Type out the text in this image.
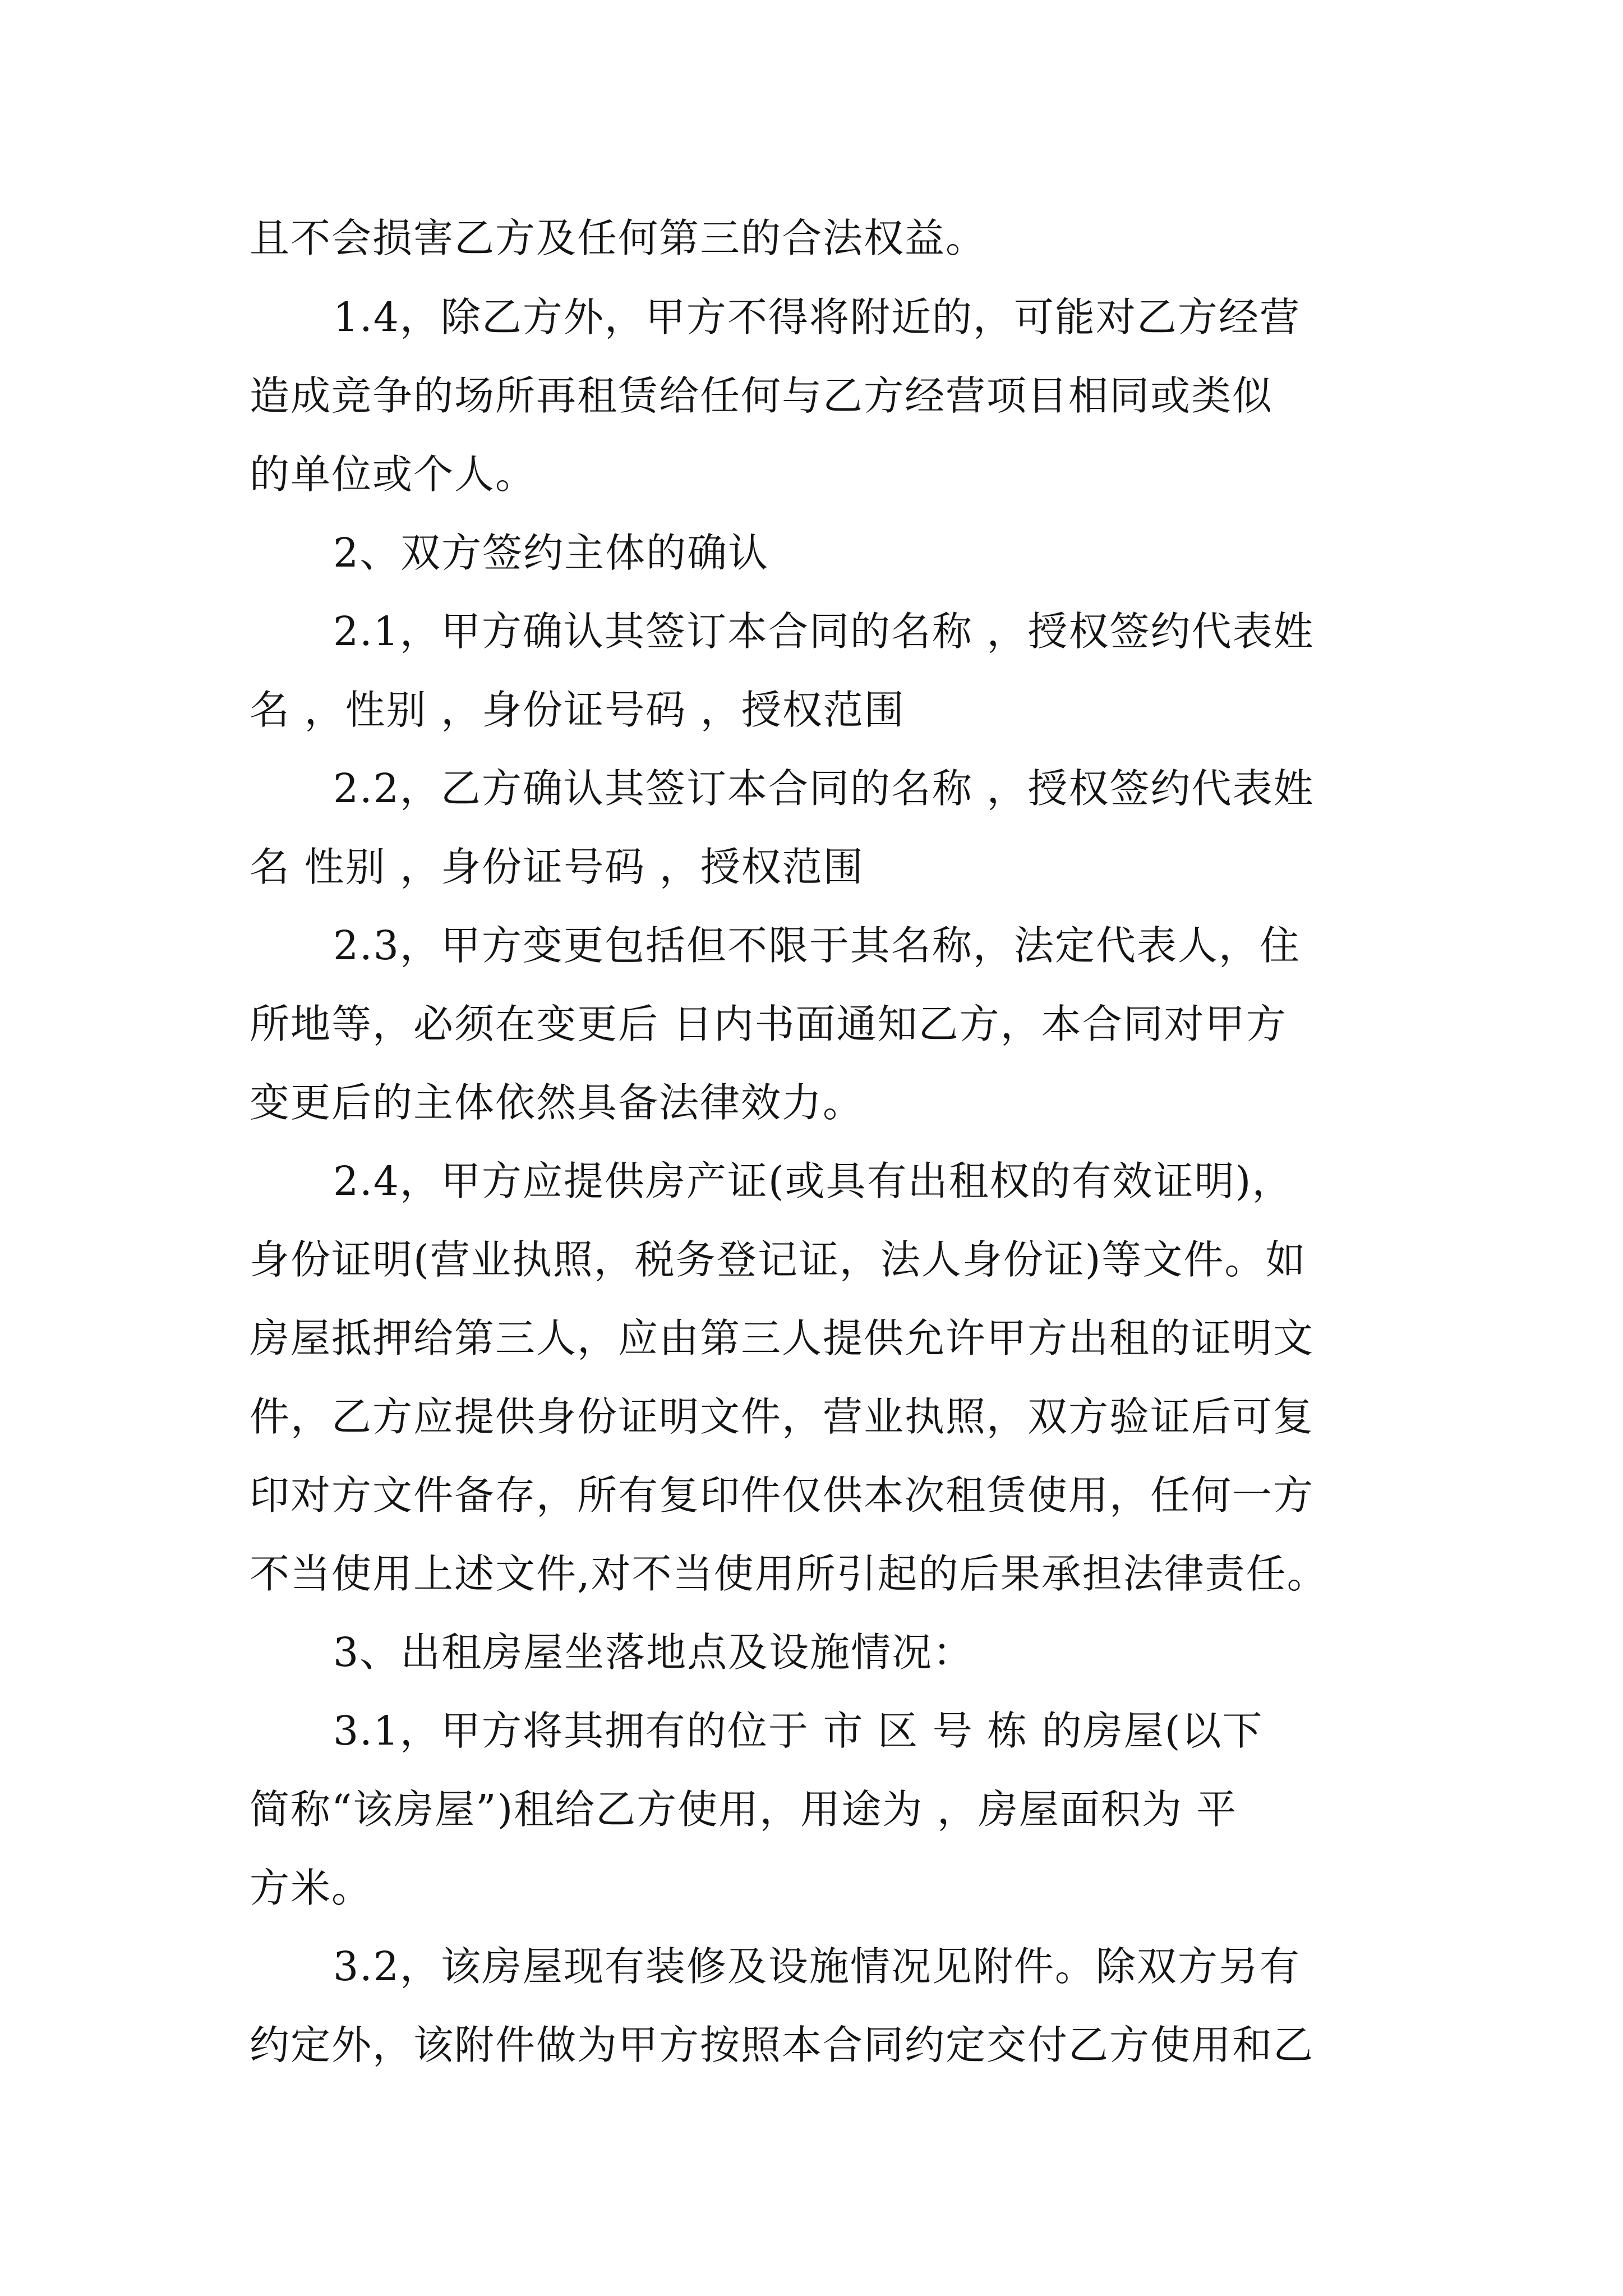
且不会损害乙方及任何第三的合法权益。
1.4，除乙方外，甲方不得将附近的，可能对乙方经营
造成竞争的场所再租赁给任何与乙方经营项目相同或类似
的单位或个人。
2、双方签约主体的确认
2.1，甲方确认其签订本合同的名称 ，授权签约代表姓
名 ，性别 ，身份证号码 ，授权范围
2.2，乙方确认其签订本合同的名称 ，授权签约代表姓
名 性别 ，身份证号码 ，授权范围
2.3，甲方变更包括但不限于其名称，法定代表人，住
所地等，必须在变更后 日内书面通知乙方，本合同对甲方
变更后的主体依然具备法律效力。
2.4，甲方应提供房产证(或具有出租权的有效证明)，
身份证明(营业执照，税务登记证，法人身份证)等文件。如
房屋抵押给第三人，应由第三人提供允许甲方出租的证明文
件，乙方应提供身份证明文件，营业执照，双方验证后可复
印对方文件备存，所有复印件仅供本次租赁使用，任何一方
不当使用上述文件,对不当使用所引起的后果承担法律责任。
3、出租房屋坐落地点及设施情况：
3.1，甲方将其拥有的位于 市 区 号 栋 的房屋(以下
简称“该房屋”)租给乙方使用，用途为 ，房屋面积为 平
方米。
3.2，该房屋现有装修及设施情况见附件。除双方另有
约定外，该附件做为甲方按照本合同约定交付乙方使用和乙
